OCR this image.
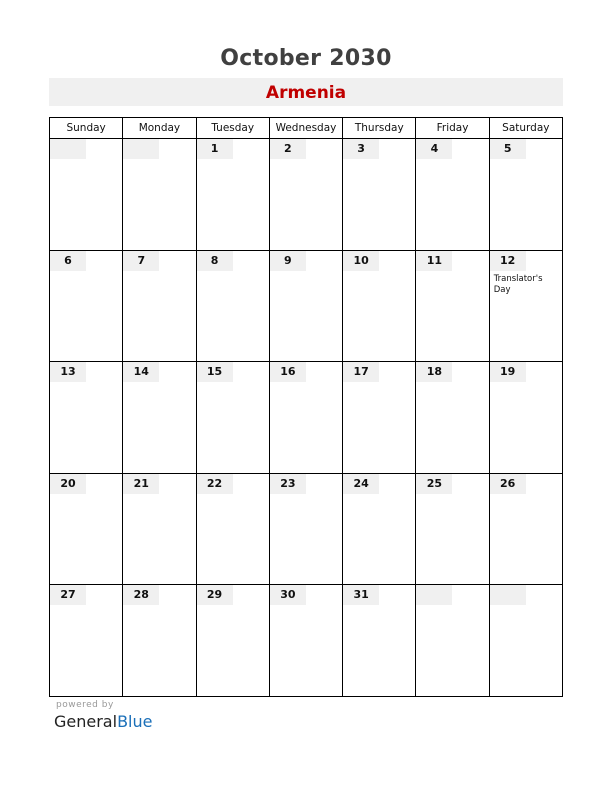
October 2030
Armenia
Sunday	Monday	Tuesday	Wednesday	Thursday	Friday	Saturday

		1	2	3	4	5

6	7	8	9	10	11	12
Translator's Day

13	14	15	16	17	18	19

20	21	22	23	24	25	26

27	28	29	30	31		

powered by
GeneralBlue
